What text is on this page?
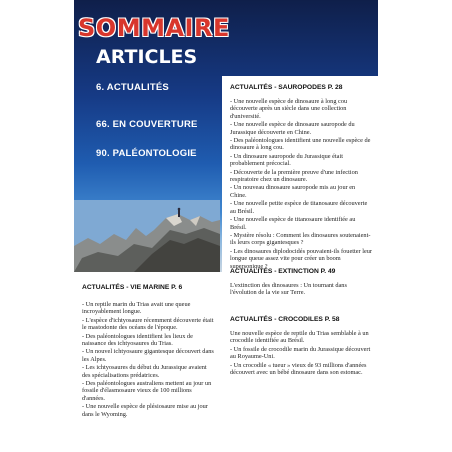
SOMMAIRE
ARTICLES
6. ACTUALITÉS
66. EN COUVERTURE
90. PALÉONTOLOGIE
ACTUALITÉS - SAUROPODES P. 28

- Une nouvelle espèce de dinosaure à long cou découverte après un siècle dans une collection d'université.

- Une nouvelle espèce de dinosaure sauropode du Jurassique découverte en Chine.

- Des paléontologues identifient une nouvelle espèce de dinosaure à long cou.

- Un dinosaure sauropode du Jurassique était probablement précocial.

- Découverte de la première preuve d'une infection respiratoire chez un dinosaure.

- Un nouveau dinosaure sauropode mis au jour en Chine.

- Une nouvelle petite espèce de titanosaure découverte au Brésil.

- Une nouvelle espèce de titanosaure identifiée au Brésil.

- Mystère résolu : Comment les dinosaures soutenaient-ils leurs corps gigantesques ?

- Les dinosaures diplodocidés pouvaient-ils fouetter leur longue queue assez vite pour créer un boom supersonique ?

ACTUALITÉS - EXTINCTION P. 49

L'extinction des dinosaures : Un tournant dans l'évolution de la vie sur Terre.

ACTUALITÉS - CROCODILES P. 58

Une nouvelle espèce de reptile du Trias semblable à un crocodile identifiée au Brésil.

- Un fossile de crocodile marin du Jurassique découvert au Royaume-Uni.

- Un crocodile « tueur » vieux de 93 millions d'années découvert avec un bébé dinosaure dans son estomac.

ACTUALITÉS - VIE MARINE P. 6

- Un reptile marin du Trias avait une queue incroyablement longue.

- L'espèce d'ichtyosaure récemment découverte était le mastodonte des océans de l'époque.

- Des paléontologues identifient les lieux de naissance des ichtyosaures du Trias.

- Un nouvel ichtyosaure gigantesque découvert dans les Alpes.

- Les ichtyosaures du début du Jurassique avaient des spécialisations prédatrices.

- Des paléontologues australiens mettent au jour un fossile d'élasmosaure vieux de 100 millions d'années.

- Une nouvelle espèce de plésiosaure mise au jour dans le Wyoming.
